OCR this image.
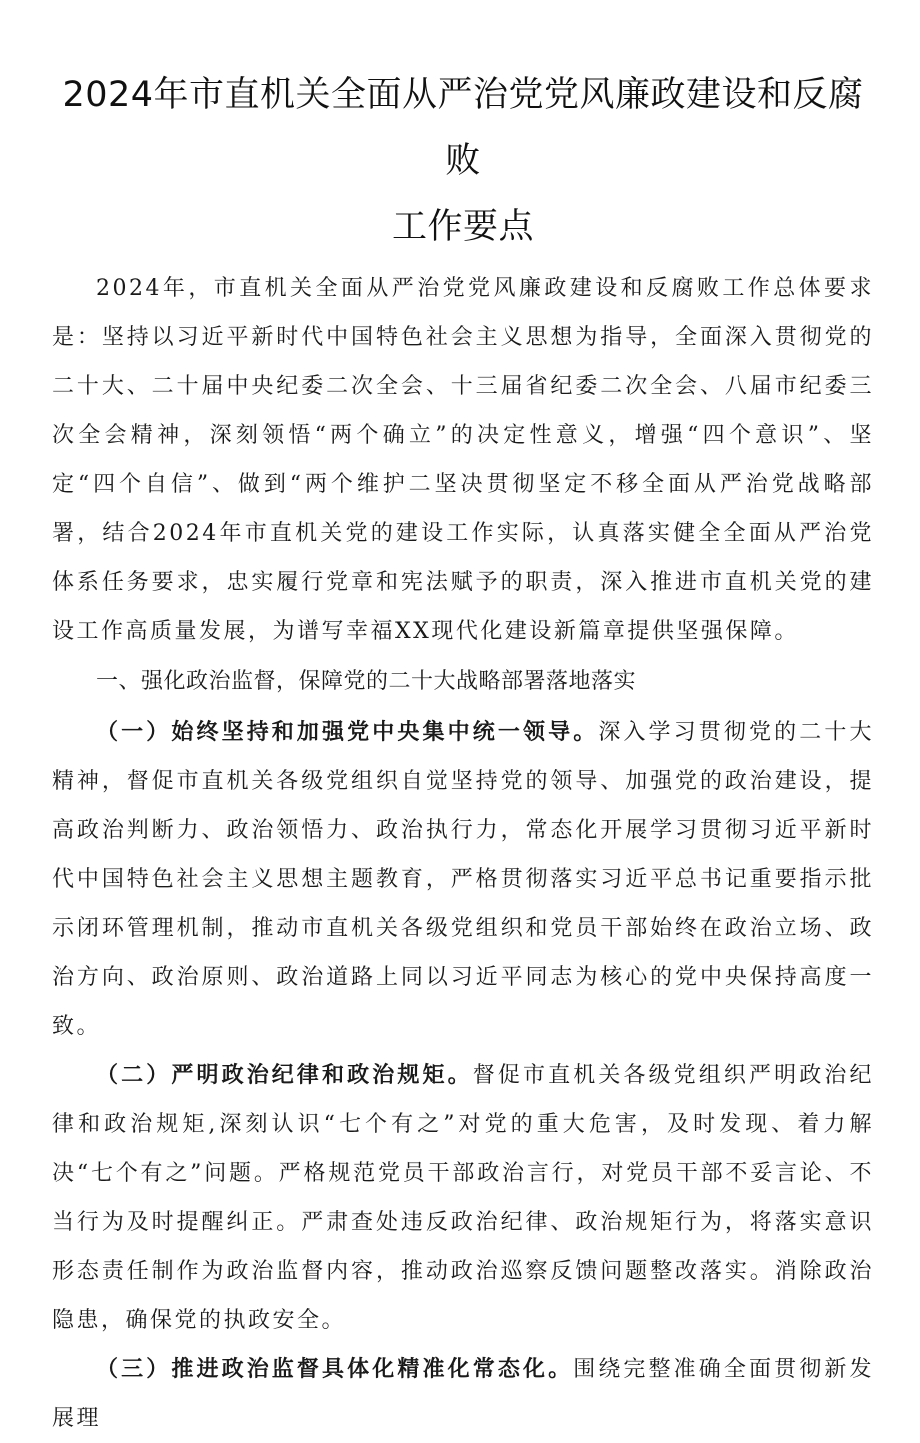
2024年市直机关全面从严治党党风廉政建设和反腐败
工作要点

2024年，市直机关全面从严治党党风廉政建设和反腐败工作总体要求是：坚持以习近平新时代中国特色社会主义思想为指导，全面深入贯彻党的二十大、二十届中央纪委二次全会、十三届省纪委二次全会、八届市纪委三次全会精神，深刻领悟“两个确立”的决定性意义，增强“四个意识”、坚定“四个自信”、做到“两个维护二坚决贯彻坚定不移全面从严治党战略部署，结合2024年市直机关党的建设工作实际，认真落实健全全面从严治党体系任务要求，忠实履行党章和宪法赋予的职责，深入推进市直机关党的建设工作高质量发展，为谱写幸福XX现代化建设新篇章提供坚强保障。

一、强化政治监督，保障党的二十大战略部署落地落实

（一）始终坚持和加强党中央集中统一领导。深入学习贯彻党的二十大精神，督促市直机关各级党组织自觉坚持党的领导、加强党的政治建设，提高政治判断力、政治领悟力、政治执行力，常态化开展学习贯彻习近平新时代中国特色社会主义思想主题教育，严格贯彻落实习近平总书记重要指示批示闭环管理机制，推动市直机关各级党组织和党员干部始终在政治立场、政治方向、政治原则、政治道路上同以习近平同志为核心的党中央保持高度一致。

（二）严明政治纪律和政治规矩。督促市直机关各级党组织严明政治纪律和政治规矩,深刻认识“七个有之”对党的重大危害，及时发现、着力解决“七个有之”问题。严格规范党员干部政治言行，对党员干部不妥言论、不当行为及时提醒纠正。严肃查处违反政治纪律、政治规矩行为，将落实意识形态责任制作为政治监督内容，推动政治巡察反馈问题整改落实。消除政治隐患，确保党的执政安全。

（三）推进政治监督具体化精准化常态化。围绕完整准确全面贯彻新发展理
